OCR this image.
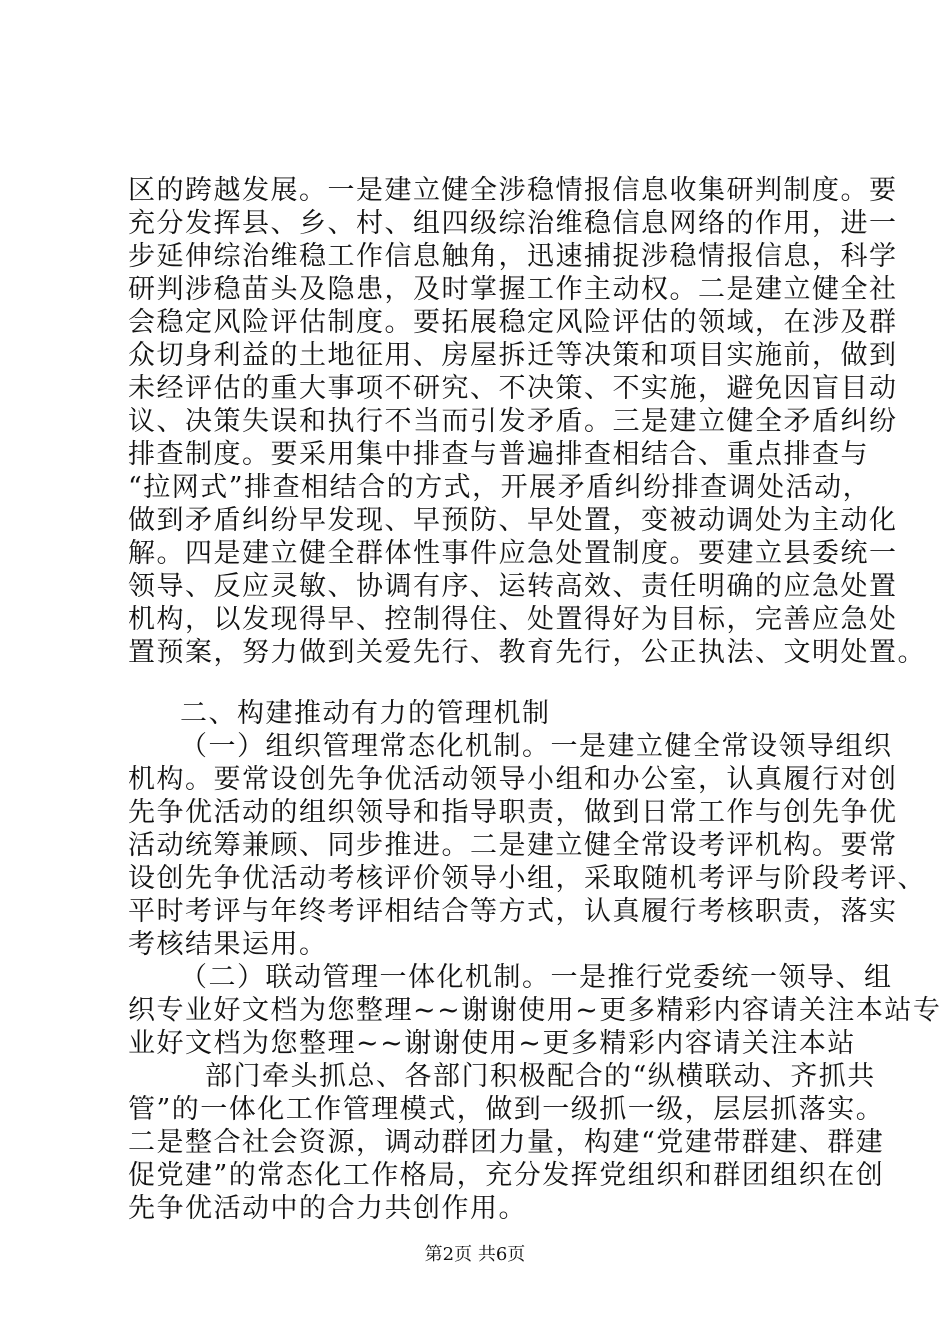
区的跨越发展。一是建立健全涉稳情报信息收集研判制度。要
充分发挥县、乡、村、组四级综治维稳信息网络的作用，进一
步延伸综治维稳工作信息触角，迅速捕捉涉稳情报信息，科学
研判涉稳苗头及隐患，及时掌握工作主动权。二是建立健全社
会稳定风险评估制度。要拓展稳定风险评估的领域，在涉及群
众切身利益的土地征用、房屋拆迁等决策和项目实施前，做到
未经评估的重大事项不研究、不决策、不实施，避免因盲目动
议、决策失误和执行不当而引发矛盾。三是建立健全矛盾纠纷
排查制度。要采用集中排查与普遍排查相结合、重点排查与
“拉网式”排查相结合的方式，开展矛盾纠纷排查调处活动，
做到矛盾纠纷早发现、早预防、早处置，变被动调处为主动化
解。四是建立健全群体性事件应急处置制度。要建立县委统一
领导、反应灵敏、协调有序、运转高效、责任明确的应急处置
机构，以发现得早、控制得住、处置得好为目标，完善应急处
置预案，努力做到关爱先行、教育先行，公正执法、文明处置。
二、构建推动有力的管理机制
（一）组织管理常态化机制。一是建立健全常设领导组织
机构。要常设创先争优活动领导小组和办公室，认真履行对创
先争优活动的组织领导和指导职责，做到日常工作与创先争优
活动统筹兼顾、同步推进。二是建立健全常设考评机构。要常
设创先争优活动考核评价领导小组，采取随机考评与阶段考评、
平时考评与年终考评相结合等方式，认真履行考核职责，落实
考核结果运用。
（二）联动管理一体化机制。一是推行党委统一领导、组
织专业好文档为您整理~~谢谢使用~更多精彩内容请关注本站专
业好文档为您整理~~谢谢使用~更多精彩内容请关注本站
部门牵头抓总、各部门积极配合的“纵横联动、齐抓共
管”的一体化工作管理模式，做到一级抓一级，层层抓落实。
二是整合社会资源，调动群团力量，构建“党建带群建、群建
促党建”的常态化工作格局，充分发挥党组织和群团组织在创
先争优活动中的合力共创作用。
第2页 共6页
